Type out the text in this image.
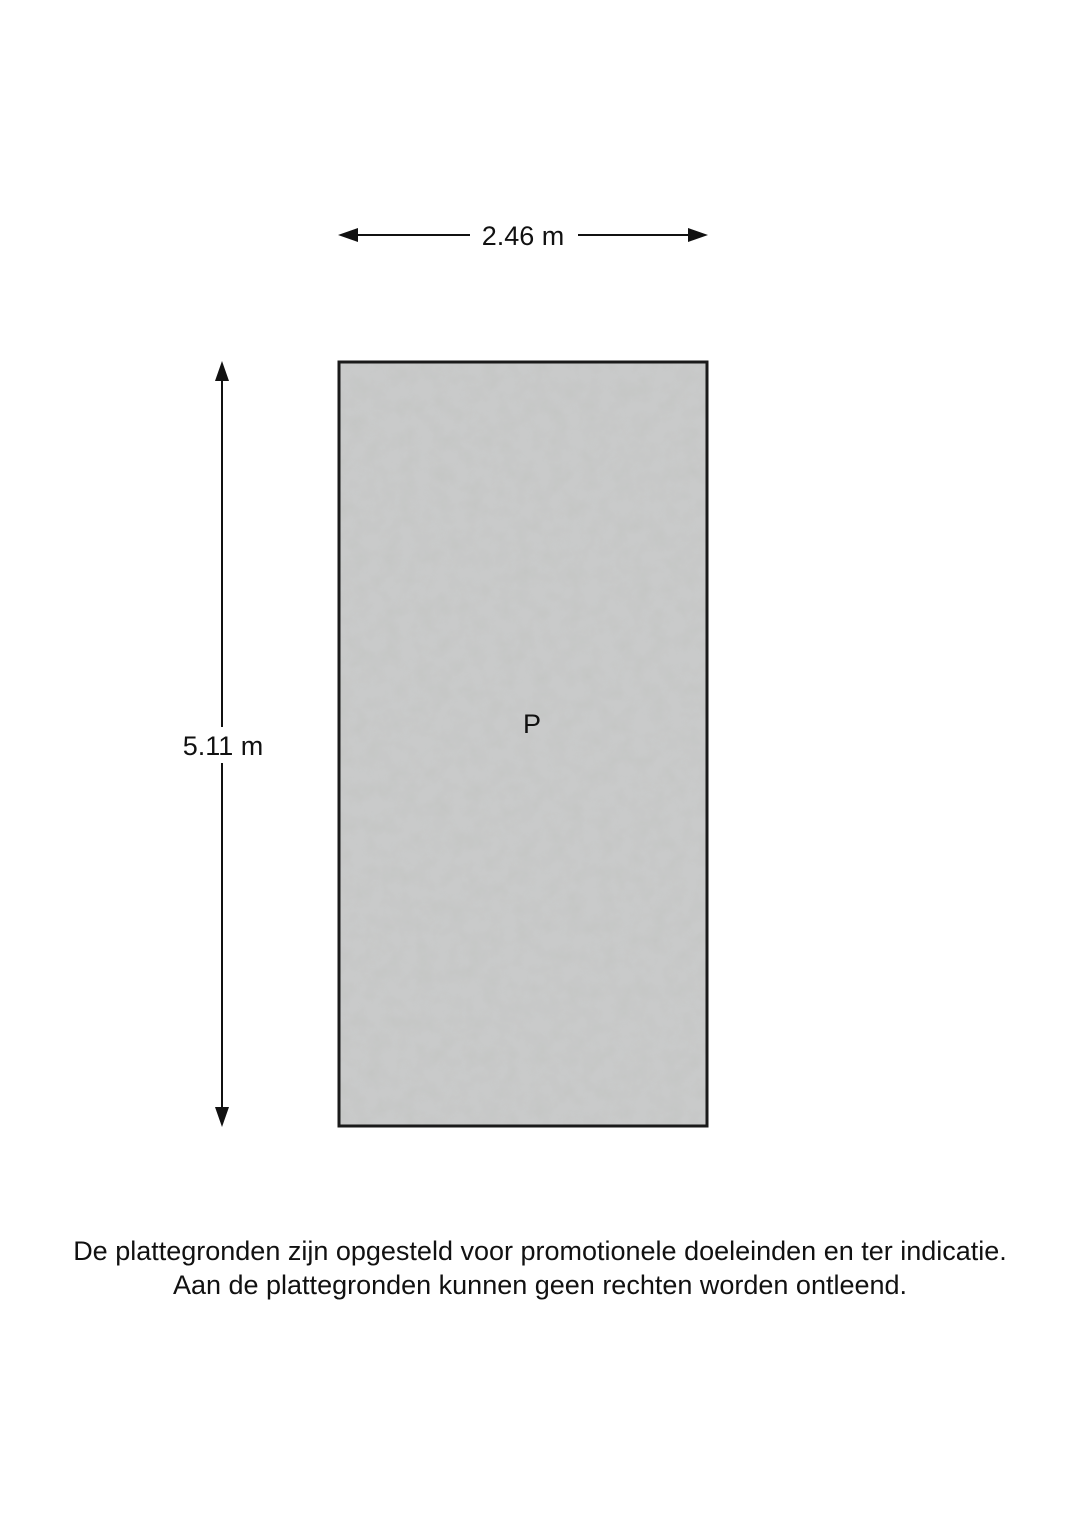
2.46 m
5.11 m
P
De plattegronden zijn opgesteld voor promotionele doeleinden en ter indicatie.
Aan de plattegronden kunnen geen rechten worden ontleend.
